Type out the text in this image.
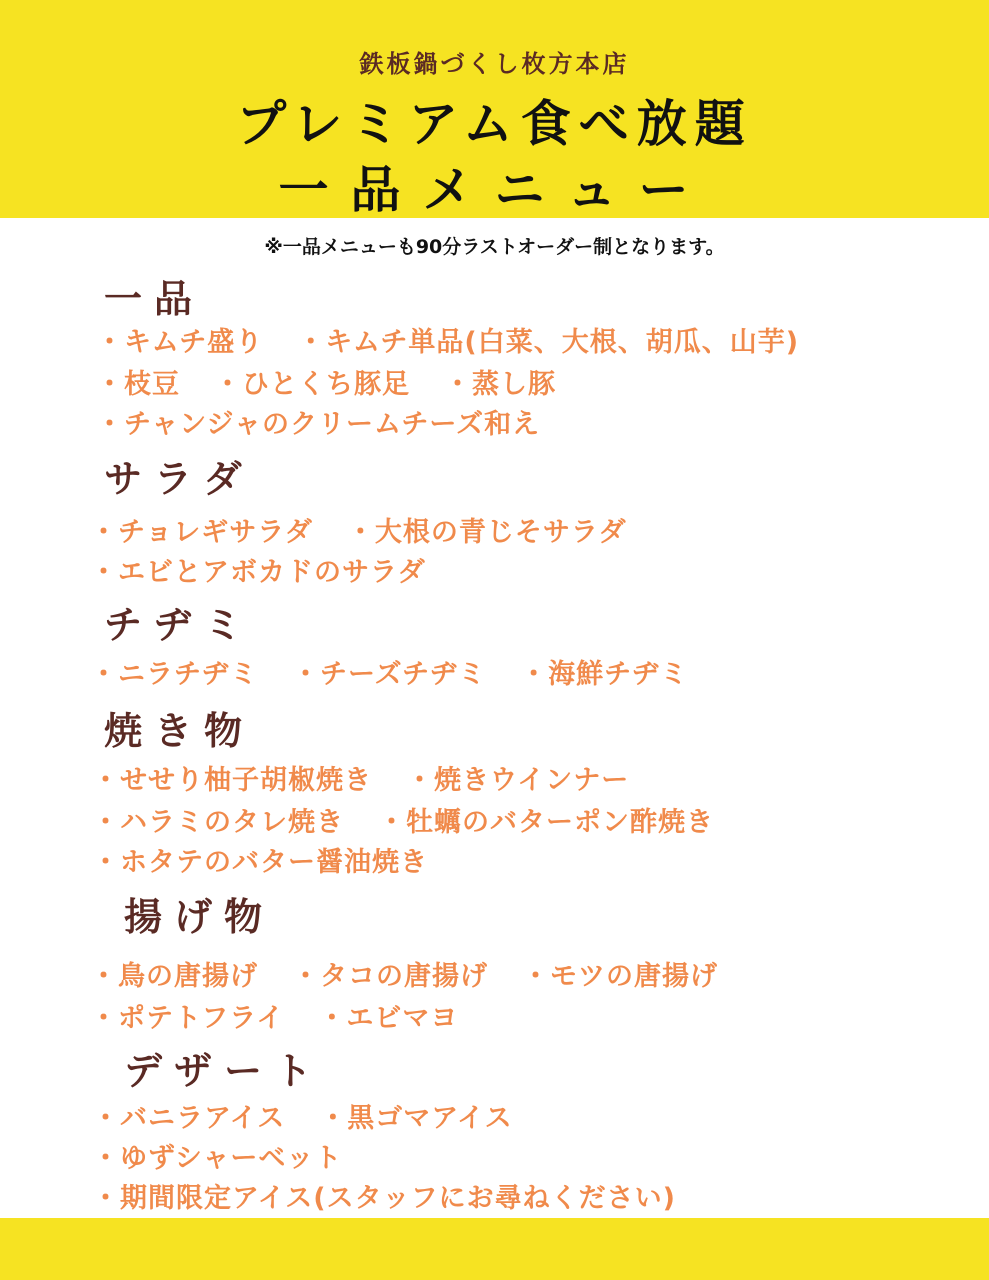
鉄板鍋づくし枚方本店
プレミアム食べ放題
一品メニュー
※一品メニューも90分ラストオーダー制となります。
一品
・キムチ盛り ・キムチ単品(白菜、大根、胡瓜、山芋)
・枝豆 ・ひとくち豚足 ・蒸し豚
・チャンジャのクリームチーズ和え
サラダ
・チョレギサラダ ・大根の青じそサラダ
・エビとアボカドのサラダ
チヂミ
・ニラチヂミ ・チーズチヂミ ・海鮮チヂミ
焼き物
・せせり柚子胡椒焼き ・焼きウインナー
・ハラミのタレ焼き ・牡蠣のバターポン酢焼き
・ホタテのバター醤油焼き
揚げ物
・鳥の唐揚げ ・タコの唐揚げ ・モツの唐揚げ
・ポテトフライ ・エビマヨ
デザート
・バニラアイス ・黒ゴマアイス
・ゆずシャーベット
・期間限定アイス(スタッフにお尋ねください)
